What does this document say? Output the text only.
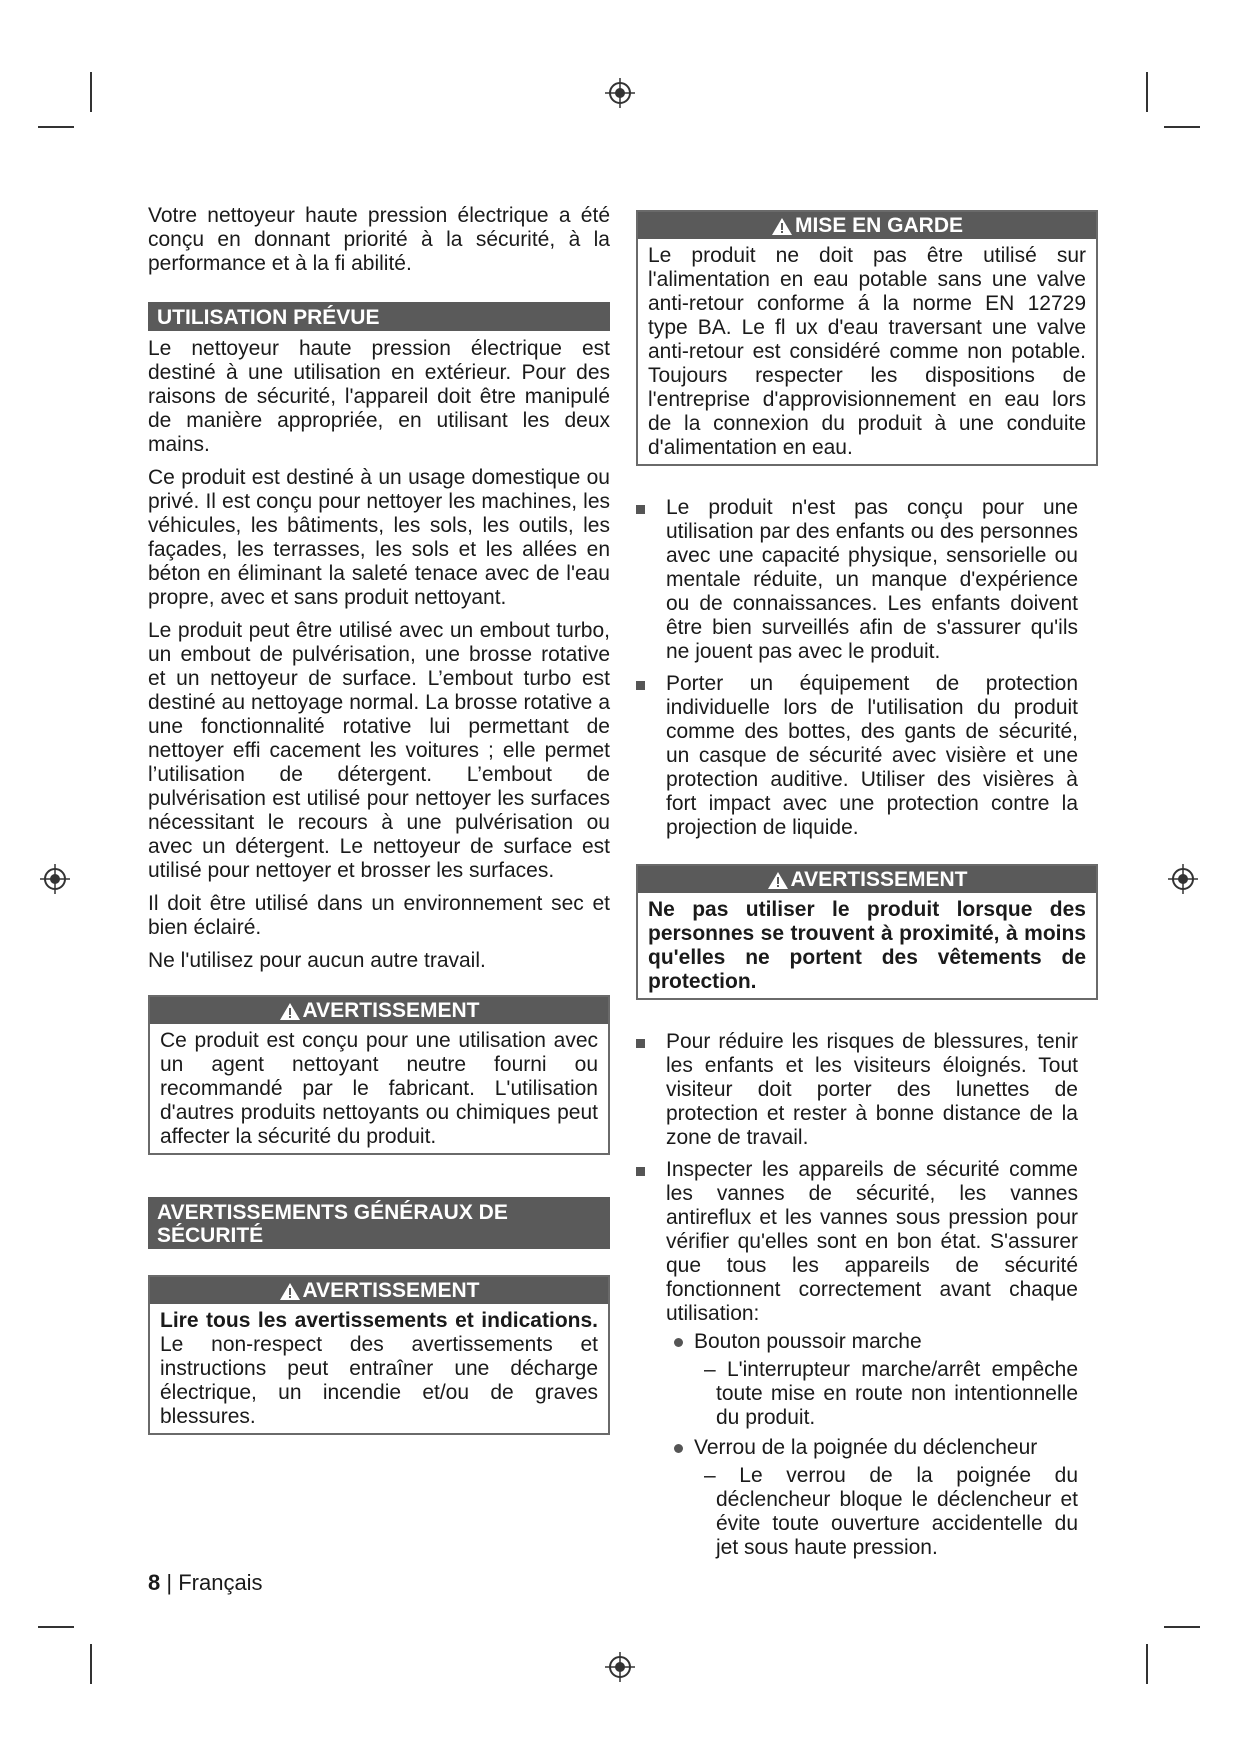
Votre nettoyeur haute pression électrique a été conçu en donnant priorité à la sécurité, à la performance et à la fi abilité.

UTILISATION PRÉVUE

Le nettoyeur haute pression électrique est destiné à une utilisation en extérieur. Pour des raisons de sécurité, l'appareil doit être manipulé de manière appropriée, en utilisant les deux mains.

Ce produit est destiné à un usage domestique ou privé. Il est conçu pour nettoyer les machines, les véhicules, les bâtiments, les sols, les outils, les façades, les terrasses, les sols et les allées en béton en éliminant la saleté tenace avec de l'eau propre, avec et sans produit nettoyant.

Le produit peut être utilisé avec un embout turbo, un embout de pulvérisation, une brosse rotative et un nettoyeur de surface. L’embout turbo est destiné au nettoyage normal. La brosse rotative a une fonctionnalité rotative lui permettant de nettoyer effi cacement les voitures ; elle permet l’utilisation de détergent. L’embout de pulvérisation est utilisé pour nettoyer les surfaces nécessitant le recours à une pulvérisation ou avec un détergent. Le nettoyeur de surface est utilisé pour nettoyer et brosser les surfaces.

Il doit être utilisé dans un environnement sec et bien éclairé.

Ne l'utilisez pour aucun autre travail.

AVERTISSEMENT
Ce produit est conçu pour une utilisation avec un agent nettoyant neutre fourni ou recommandé par le fabricant. L'utilisation d'autres produits nettoyants ou chimiques peut affecter la sécurité du produit.
AVERTISSEMENTS GÉNÉRAUX DE SÉCURITÉ
AVERTISSEMENT
Lire tous les avertissements et indications. Le non-respect des avertissements et instructions peut entraîner une décharge électrique, un incendie et/ou de graves blessures.
MISE EN GARDE
Le produit ne doit pas être utilisé sur l'alimentation en eau potable sans une valve anti-retour conforme á la norme EN 12729 type BA. Le fl ux d'eau traversant une valve anti-retour est considéré comme non potable. Toujours respecter les dispositions de l'entreprise d'approvisionnement en eau lors de la connexion du produit à une conduite d'alimentation en eau.
Le produit n'est pas conçu pour une utilisation par des enfants ou des personnes avec une capacité physique, sensorielle ou mentale réduite, un manque d'expérience ou de connaissances. Les enfants doivent être bien surveillés afin de s'assurer qu'ils ne jouent pas avec le produit.
Porter un équipement de protection individuelle lors de l'utilisation du produit comme des bottes, des gants de sécurité, un casque de sécurité avec visière et une protection auditive. Utiliser des visières à fort impact avec une protection contre la projection de liquide.
AVERTISSEMENT
Ne pas utiliser le produit lorsque des personnes se trouvent à proximité, à moins qu'elles ne portent des vêtements de protection.
Pour réduire les risques de blessures, tenir les enfants et les visiteurs éloignés. Tout visiteur doit porter des lunettes de protection et rester à bonne distance de la zone de travail.
Inspecter les appareils de sécurité comme les vannes de sécurité, les vannes antireflux et les vannes sous pression pour vérifier qu'elles sont en bon état. S'assurer que tous les appareils de sécurité fonctionnent correctement avant chaque utilisation:
Bouton poussoir marche
– L'interrupteur marche/arrêt empêche toute mise en route non intentionnelle du produit.
Verrou de la poignée du déclencheur
– Le verrou de la poignée du déclencheur bloque le déclencheur et évite toute ouverture accidentelle du jet sous haute pression.
8 | Français
